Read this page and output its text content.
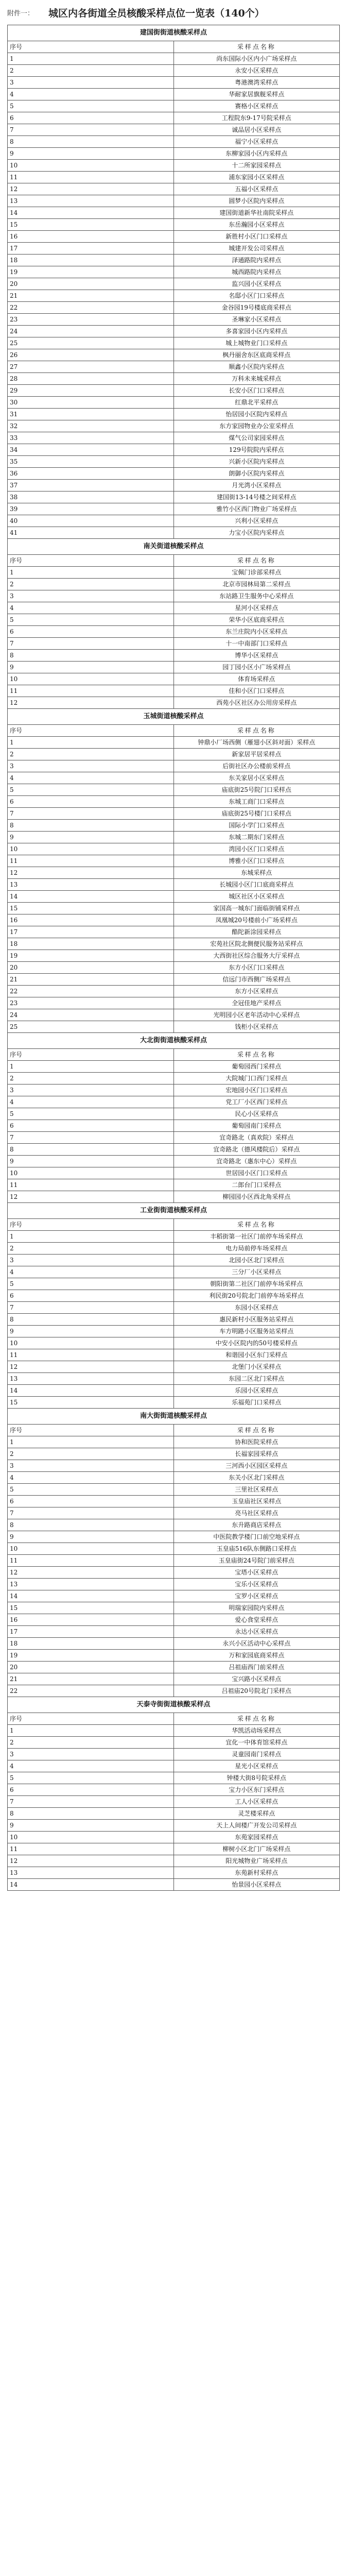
附件一： 城区内各街道全员核酸采样点位一览表（140个）
建国街街道核酸采样点	
序号	采样点名称
1	尚东国际小区内小广场采样点
2	永安小区采样点
3	粤港澳湾采样点
4	华耐家居旗舰采样点
5	赛格小区采样点
6	工程院东9-17号院采样点
7	诚品居小区采样点
8	福宁小区采样点
9	东柳家园小区内采样点
10	十二所家园采样点
11	浦东家园小区采样点
12	五福小区采样点
13	圆梦小区院内采样点
14	建国街道新华社南院采样点
15	东岳瀚园小区采样点
16	新胜村小区门口采样点
17	城建开发公司采样点
18	泽通路院内采样点
19	城西路院内采样点
20	监兴园小区采样点
21	名邸小区门口采样点
22	金谷园19号楼底商采样点
23	圣琳家小区采样点
24	多喜家园小区内采样点
25	城上城物业门口采样点
26	枫丹丽舍东区底商采样点
27	顺鑫小区院内采样点
28	万科未来城采样点
29	长安小区门口采样点
30	红鼎北平采样点
31	怡居园小区院内采样点
32	东方家园物业办公室采样点
33	煤气公司家园采样点
34	129号院院内采样点
35	兴新小区院内采样点
36	朗御小区院内采样点
37	月光湾小区采样点
38	建国街13-14号楼之间采样点
39	雅竹小区西门物业广场采样点
40	兴利小区采样点
41	力宝小区院内采样点
南关街道核酸采样点	
序号	采样点名称
1	宝佩门诊部采样点
2	北京市园林局第二采样点
3	东站路卫生服务中心采样点
4	星河小区采样点
5	荣华小区底商采样点
6	东兰庄院内小区采样点
7	十一中南部门口采样点
8	博华小区采样点
9	园丁园小区小广场采样点
10	体育场采样点
11	佳和小区门口采样点
12	西苑小区社区办公用房采样点
玉城街道核酸采样点	
序号	采样点名称
1	钟鼎小厂场西侧（雁翅小区斜对面）采样点
2	新家居平居采样点
3	后街社区办公楼前采样点
4	东关家居小区采样点
5	庙底街25号院门口采样点
6	东城工商门口采样点
7	庙底街25号楼门口采样点
8	国际小学门口采样点
9	东城二期东门采样点
10	湾园小区门口采样点
11	博雅小区门口采样点
12	东城采样点
13	长城园小区门口底商采样点
14	城区社区小区采样点
15	家国高一城东门面临街铺采样点
16	凤凰城20号楼前小广场采样点
17	酷陀新涂园采样点
18	宏苑社区院北侧便民服务站采样点
19	大西街社区综合服务大厅采样点
20	东方小区门口采样点
21	信远门市西侧广场采样点
22	东方小区采样点
23	全冠佳地产采样点
24	光明园小区老年活动中心采样点
25	钱柜小区采样点
大北街街道核酸采样点	
序号	采样点名称
1	葡萄园西门采样点
2	大院城门口西门采样点
3	宏地园小区门口采样点
4	党工厂小区西门采样点
5	民心小区采样点
6	葡萄园南门采样点
7	宜奇路北（真欢院）采样点
8	宜奇路北（德风楼院后）采样点
9	宜奇路北（惠东中心）采样点
10	世居园小区门口采样点
11	二郎台门口采样点
12	柳园园小区西北角采样点
工业街街道核酸采样点	
序号	采样点名称
1	丰稻街第一社区门前停车场采样点
2	电力局前停车场采样点
3	北园小区北门采样点
4	三分厂小区采样点
5	朝阳街第二社区门前停车场采样点
6	利民街20号院北门前停车场采样点
7	东园小区采样点
8	惠民新村小区服务站采样点
9	车方明路小区服务站采样点
10	中安小区院内的50号楼采样点
11	和谐园小区东门采样点
12	北堡门小区采样点
13	东园二区北门采样点
14	乐园小区采样点
15	乐福苑门口采样点
南大街街道核酸采样点	
序号	采样点名称
1	协和医院采样点
2	长福家园采样点
3	三河西小区园区采样点
4	东关小区北门采样点
5	三里社区采样点
6	玉皇庙社区采样点
7	亮马社区采样点
8	东升路商店采样点
9	中医院教学楼门口前空地采样点
10	玉皇庙516队东侧路口采样点
11	玉皇庙街24号院门前采样点
12	宝塔小区采样点
13	宝乐小区采样点
14	宝罗小区采样点
15	明瑞家园院内采样点
16	爱心食堂采样点
17	永达小区采样点
18	永兴小区活动中心采样点
19	万和家园底商采样点
20	吕祖庙西门前采样点
21	宝兴路小区采样点
22	吕祖庙20号院北门采样点
天泰寺街街道核酸采样点	
序号	采样点名称
1	华凯活动场采样点
2	宜化一中体育馆采样点
3	灵童园南门采样点
4	星光小区采样点
5	钟楼大街8号院采样点
6	宝力小区东门采样点
7	工人小区采样点
8	灵芝楼采样点
9	天上人间楼广开发公司采样点
10	东苑家园采样点
11	柳树小区北门广场采样点
12	阳光城物业广场采样点
13	东苑新村采样点
14	怡景园小区采样点
